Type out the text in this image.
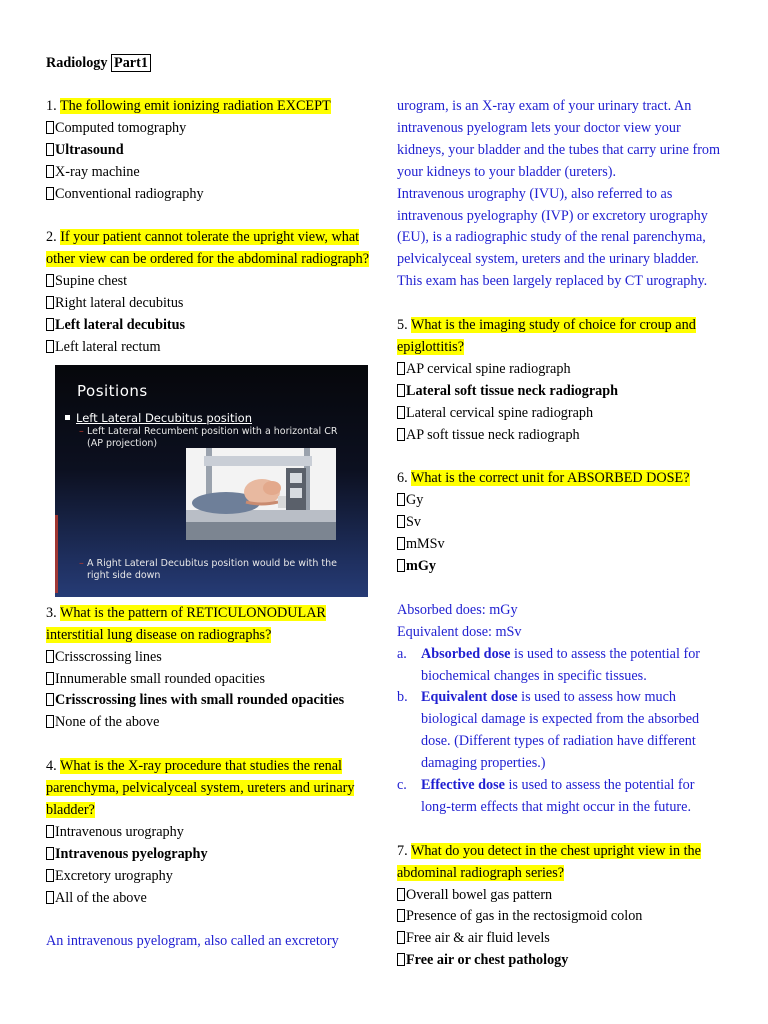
Radiology Part1
1. The following emit ionizing radiation EXCEPT
Computed tomography
Ultrasound
X-ray machine
Conventional radiography
2. If your patient cannot tolerate the upright view, what
other view can be ordered for the abdominal radiograph?
Supine chest
Right lateral decubitus
Left lateral decubitus
Left lateral rectum
Positions
Left Lateral Decubitus position
– Left Lateral Recumbent position with a horizontal CR (AP projection)
– A Right Lateral Decubitus position would be with the right side down
3. What is the pattern of RETICULONODULAR
interstitial lung disease on radiographs?
Crisscrossing lines
Innumerable small rounded opacities
Crisscrossing lines with small rounded opacities
None of the above
4. What is the X-ray procedure that studies the renal
parenchyma, pelvicalyceal system, ureters and urinary
bladder?
Intravenous urography
Intravenous pyelography
Excretory urography
All of the above
An intravenous pyelogram, also called an excretory
urogram, is an X-ray exam of your urinary tract. An
intravenous pyelogram lets your doctor view your
kidneys, your bladder and the tubes that carry urine from
your kidneys to your bladder (ureters).
Intravenous urography (IVU), also referred to as
intravenous pyelography (IVP) or excretory urography
(EU), is a radiographic study of the renal parenchyma,
pelvicalyceal system, ureters and the urinary bladder.
This exam has been largely replaced by CT urography.
5. What is the imaging study of choice for croup and
epiglottitis?
AP cervical spine radiograph
Lateral soft tissue neck radiograph
Lateral cervical spine radiograph
AP soft tissue neck radiograph
6. What is the correct unit for ABSORBED DOSE?
Gy
Sv
mMSv
mGy
Absorbed does: mGy
Equivalent dose: mSv
a. Absorbed dose is used to assess the potential for
biochemical changes in specific tissues.
b. Equivalent dose is used to assess how much
biological damage is expected from the absorbed
dose. (Different types of radiation have different
damaging properties.)
c. Effective dose is used to assess the potential for
long-term effects that might occur in the future.
7. What do you detect in the chest upright view in the
abdominal radiograph series?
Overall bowel gas pattern
Presence of gas in the rectosigmoid colon
Free air & air fluid levels
Free air or chest pathology
